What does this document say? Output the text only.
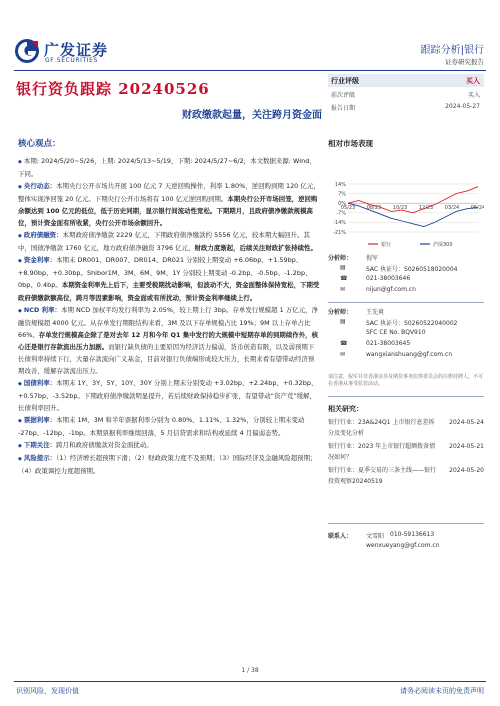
广发证券
GF SECURITIES
跟踪分析|银行
证券研究报告
银行资负跟踪 20240526
财政缴款起量，关注跨月资金面
核心观点：

◆ 本期: 2024/5/20~5/26，上期: 2024/5/13~5/19，下期: 2024/5/27~6/2，本文数据来源: Wind，下同。

◆ 央行动态：本期央行公开市场共开展 100 亿元 7 天逆回购操作，利率 1.80%，逆回购到期 120 亿元，整体实现净回笼 20 亿元。下期央行公开市场将有 100 亿元逆回购到期。本期央行公开市场回笼，逆回购余额达到 100 亿元的低位，低于历史同期，显示银行间流动性宽松。下期期月，且政府债净缴款规模高位，预计资金面有所收紧，央行公开市场余额回升。

◆ 政府债融资：本期政府债净缴款 2229 亿元，下期政府债净缴款约 5556 亿元，较本期大幅回升。其中，国债净缴款 1760 亿元，地方政府债净融资 3796 亿元，财政力度渐起，后续关注财政扩张持续性。

◆ 资金利率：本期末 DR001、DR007、DR014、DR021 分别较上期变动 +6.06bp、+1.59bp、+8.90bp、+0.30bp。Shibor1M、3M、6M、9M、1Y 分别较上期变动 -0.2bp、-0.5bp、-1.2bp、0bp、0.4bp。本期资金利率先上后下，主要受税期扰动影响，但波动不大，资金面整体保持宽松，下期受政府债缴款额高位，跨月等因素影响，资金面或有所扰动，预计资金利率继续上行。

◆ NCD 利率：本期 NCD 加权平均发行利率为 2.05%，较上期上行 3bp。存单发行规模超 1 万亿元，净融资规模超 4000 亿元。从存单发行期限结构来看，3M 及以下存单规模占比 19%；9M 以上存单占比 66%。存单发行规模高企除了是对去年 12 月和今年 Q1 集中发行的大规模中短期存单的到期续作外，核心还是银行存款流出压力加剧。而银行缺负债的主要原因为经济活力偏弱，货币创造有限，以及弱预期下长债利率持续下行，大量存款流向广义基金，目前对银行负债端形成较大压力，长期来看有望带动经济预期改善，缓解存款流出压力。

◆ 国债利率：本期末 1Y、3Y、5Y、10Y、30Y 分别上期末分别变动 +3.02bp、+2.24bp、+0.32bp、+0.57bp、-3.52bp。下期政府债净缴款明显提升，若后续财政保持稳步扩张，有望带动“资产荒”缓解，长债利率回升。

◆ 票据利率：本期末 1M、3M 和半年票据利率分别为 0.80%、1.11%、1.32%，分别较上期末变动 -27bp、-12bp、-1bp。本期票据利率继续回落，5 月信贷需求和结构或延续 4 月偏弱态势。

◆ 下期关注：跨月和政府债缴款对资金面扰动。

◆ 风险提示：（1）经济增长超预期下滑；（2）财政政策力度不及预期；（3）国际经济及金融风险超预期；（4）政策调控力度超预期。

行业评级	买入
前次评级	买入
报告日期	2024-05-27
相对市场表现
14%
7%
0%
-7%
-14%
-21%
05/23 08/23 10/23 12/23 03/24 05/24
银行	沪深300
分析师： 倪军
▤	SAC 执证号：S0260518020004
☎	021-38003646
✉	nijun@gf.com.cn
分析师： 王先爽
▤	SAC 执证号：S0260522040002
SFC CE No. BQV910
☎	021-38003645
✉	wangxianshuang@gf.com.cn
请注意，倪军并非香港证券及期货事务监察委员会的注册持牌人，不可在香港从事受监管活动。
相关研究：
银行行业：23A&24Q1 上市银行息差拆分及变化分析
2024-05-24
银行行业：2023 年上市银行超额拨备情况如何？
2024-05-21
银行行业：夏季交易的三条主线——银行投资观察20240519
2024-05-20
联系人： 文雪阳 010-59136613
wenxueyang@gf.com.cn
1 / 38
识别风险，发现价值	请务必阅读末页的免责声明
